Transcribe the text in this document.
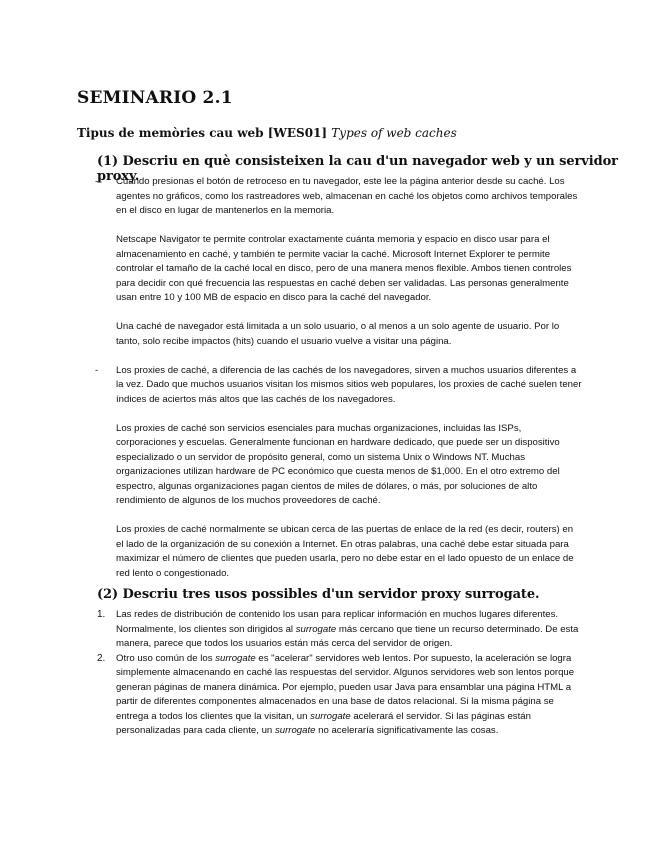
SEMINARIO 2.1
Tipus de memòries cau web [WES01] Types of web caches
(1) Descriu en què consisteixen la cau d'un navegador web y un servidor proxy.
- Cuando presionas el botón de retroceso en tu navegador, este lee la página anterior desde su caché. Los agentes no gráficos, como los rastreadores web, almacenan en caché los objetos como archivos temporales en el disco en lugar de mantenerlos en la memoria.

Netscape Navigator te permite controlar exactamente cuánta memoria y espacio en disco usar para el almacenamiento en caché, y también te permite vaciar la caché. Microsoft Internet Explorer te permite controlar el tamaño de la caché local en disco, pero de una manera menos flexible. Ambos tienen controles para decidir con qué frecuencia las respuestas en caché deben ser validadas. Las personas generalmente usan entre 10 y 100 MB de espacio en disco para la caché del navegador.

Una caché de navegador está limitada a un solo usuario, o al menos a un solo agente de usuario. Por lo tanto, solo recibe impactos (hits) cuando el usuario vuelve a visitar una página.

- Los proxies de caché, a diferencia de las cachés de los navegadores, sirven a muchos usuarios diferentes a la vez. Dado que muchos usuarios visitan los mismos sitios web populares, los proxies de caché suelen tener índices de aciertos más altos que las cachés de los navegadores.

Los proxies de caché son servicios esenciales para muchas organizaciones, incluidas las ISPs, corporaciones y escuelas. Generalmente funcionan en hardware dedicado, que puede ser un dispositivo especializado o un servidor de propósito general, como un sistema Unix o Windows NT. Muchas organizaciones utilizan hardware de PC económico que cuesta menos de $1,000. En el otro extremo del espectro, algunas organizaciones pagan cientos de miles de dólares, o más, por soluciones de alto rendimiento de algunos de los muchos proveedores de caché.

Los proxies de caché normalmente se ubican cerca de las puertas de enlace de la red (es decir, routers) en el lado de la organización de su conexión a Internet. En otras palabras, una caché debe estar situada para maximizar el número de clientes que pueden usarla, pero no debe estar en el lado opuesto de un enlace de red lento o congestionado.

(2) Descriu tres usos possibles d'un servidor proxy surrogate.
1. Las redes de distribución de contenido los usan para replicar información en muchos lugares diferentes. Normalmente, los clientes son dirigidos al surrogate más cercano que tiene un recurso determinado. De esta manera, parece que todos los usuarios están más cerca del servidor de origen.

2. Otro uso común de los surrogate es "acelerar" servidores web lentos. Por supuesto, la aceleración se logra simplemente almacenando en caché las respuestas del servidor. Algunos servidores web son lentos porque generan páginas de manera dinámica. Por ejemplo, pueden usar Java para ensamblar una página HTML a partir de diferentes componentes almacenados en una base de datos relacional. Si la misma página se entrega a todos los clientes que la visitan, un surrogate acelerará el servidor. Si las páginas están personalizadas para cada cliente, un surrogate no aceleraría significativamente las cosas.
